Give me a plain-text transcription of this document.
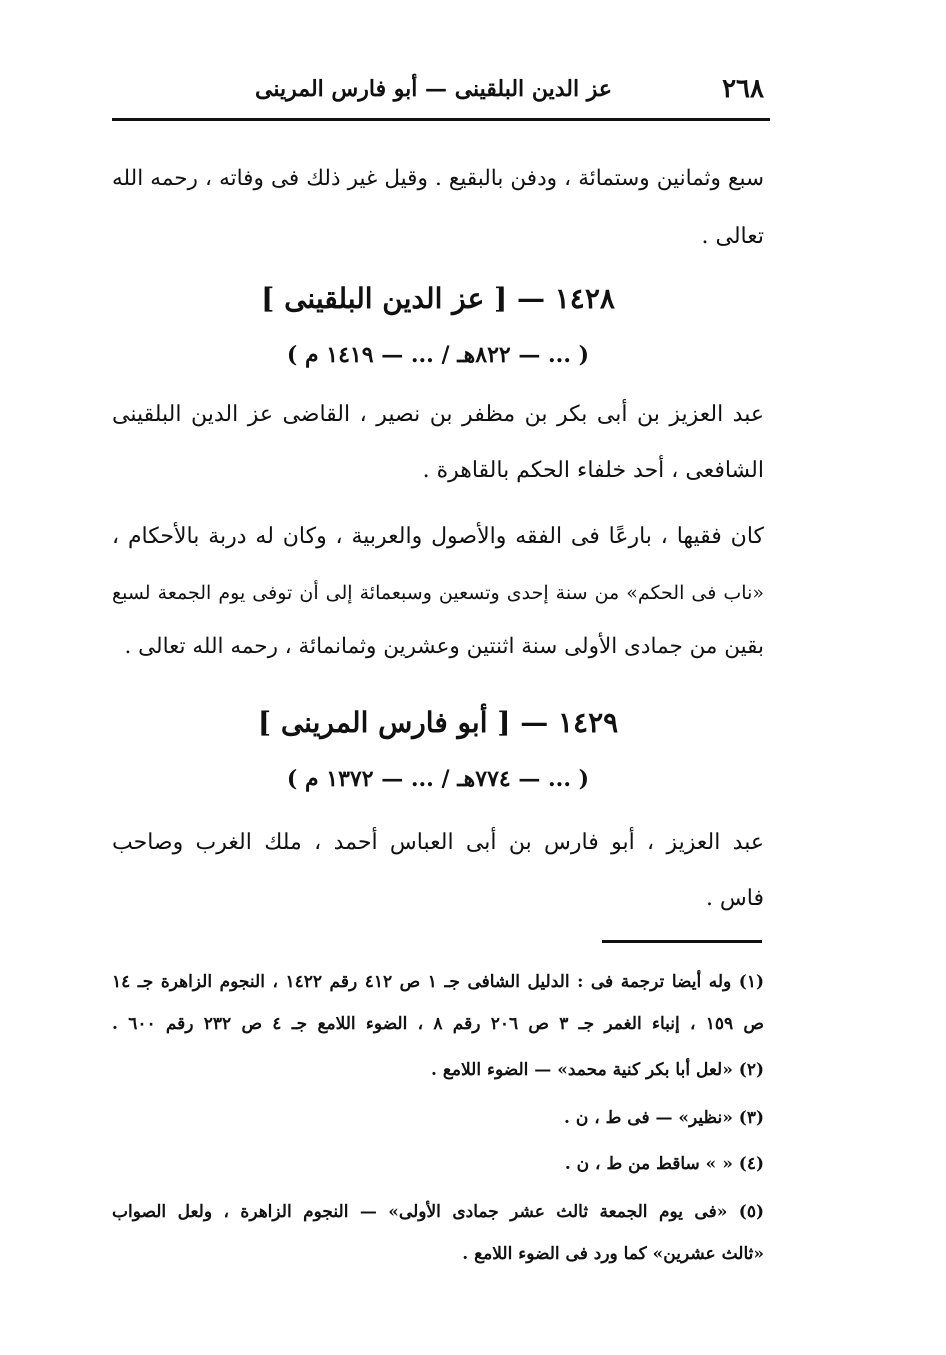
٢٦٨
عز الدين البلقينى — أبو فارس المرينى
سبع وثمانين وستمائة ، ودفن بالبقيع . وقيل غير ذلك فى وفاته ، رحمه الله
تعالى .
١٤٢٨ — [ عز الدين البلقينى ]
( ... — ٨٢٢هـ / ... — ١٤١٩ م )
عبد العزيز بن أبى بكر بن مظفر بن نصير ، القاضى عز الدين البلقينى
الشافعى ، أحد خلفاء الحكم بالقاهرة .
كان فقيها ، بارعًا فى الفقه والأصول والعربية ، وكان له دربة بالأحكام ،
«ناب فى الحكم» من سنة إحدى وتسعين وسبعمائة إلى أن توفى يوم الجمعة لسبع
بقين من جمادى الأولى سنة اثنتين وعشرين وثمانمائة ، رحمه الله تعالى .
١٤٢٩ — [ أبو فارس المرينى ]
( ... — ٧٧٤هـ / ... — ١٣٧٢ م )
عبد العزيز ، أبو فارس بن أبى العباس أحمد ، ملك الغرب وصاحب
فاس .
(١) وله أيضا ترجمة فى : الدليل الشافى جـ ١ ص ٤١٢ رقم ١٤٢٢ ، النجوم الزاهرة جـ ١٤
ص ١٥٩ ، إنباء الغمر جـ ٣ ص ٢٠٦ رقم ٨ ، الضوء اللامع جـ ٤ ص ٢٣٢ رقم ٦٠٠ .
(٢) «لعل أبا بكر كنية محمد» — الضوء اللامع .
(٣) «نظير» — فى ط ، ن .
(٤) « » ساقط من ط ، ن .
(٥) «فى يوم الجمعة ثالث عشر جمادى الأولى» — النجوم الزاهرة ، ولعل الصواب
«ثالث عشرين» كما ورد فى الضوء اللامع .
